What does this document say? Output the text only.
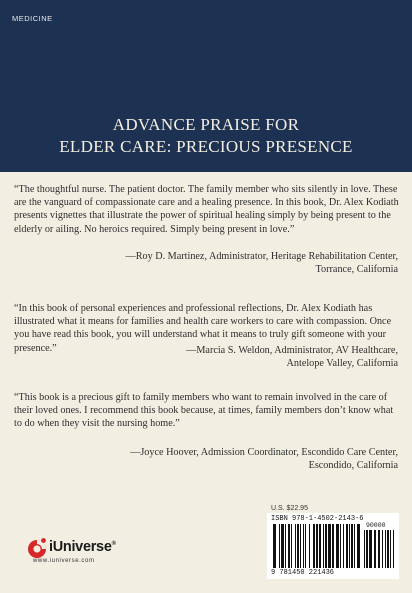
MEDICINE
ADVANCE PRAISE FOR
ELDER CARE: PRECIOUS PRESENCE
“The thoughtful nurse. The patient doctor. The family member who sits silently in love. These are the vanguard of compassionate care and a healing presence. In this book, Dr. Alex Kodiath presents vignettes that illustrate the power of spiritual healing simply by being present to the elderly or ailing. No heroics required. Simply being present in love.”
—Roy D. Martinez, Administrator, Heritage Rehabilitation Center,
Torrance, California
“In this book of personal experiences and professional reflections, Dr. Alex Kodiath has illustrated what it means for families and health care workers to care with compassion. Once you have read this book, you will understand what it means to truly gift someone with your presence.”	—Marcia S. Weldon, Administrator, AV Healthcare,
Antelope Valley, California
“This book is a precious gift to family members who want to remain involved in the care of their loved ones. I recommend this book because, at times, family members don’t know what to do when they visit the nursing home.”
—Joyce Hoover, Admission Coordinator, Escondido Care Center,
Escondido, California
iUniverse®
www.iuniverse.com
U.S. $22.95
ISBN 978-1-4502-2143-6
90000
9 781450 221436
